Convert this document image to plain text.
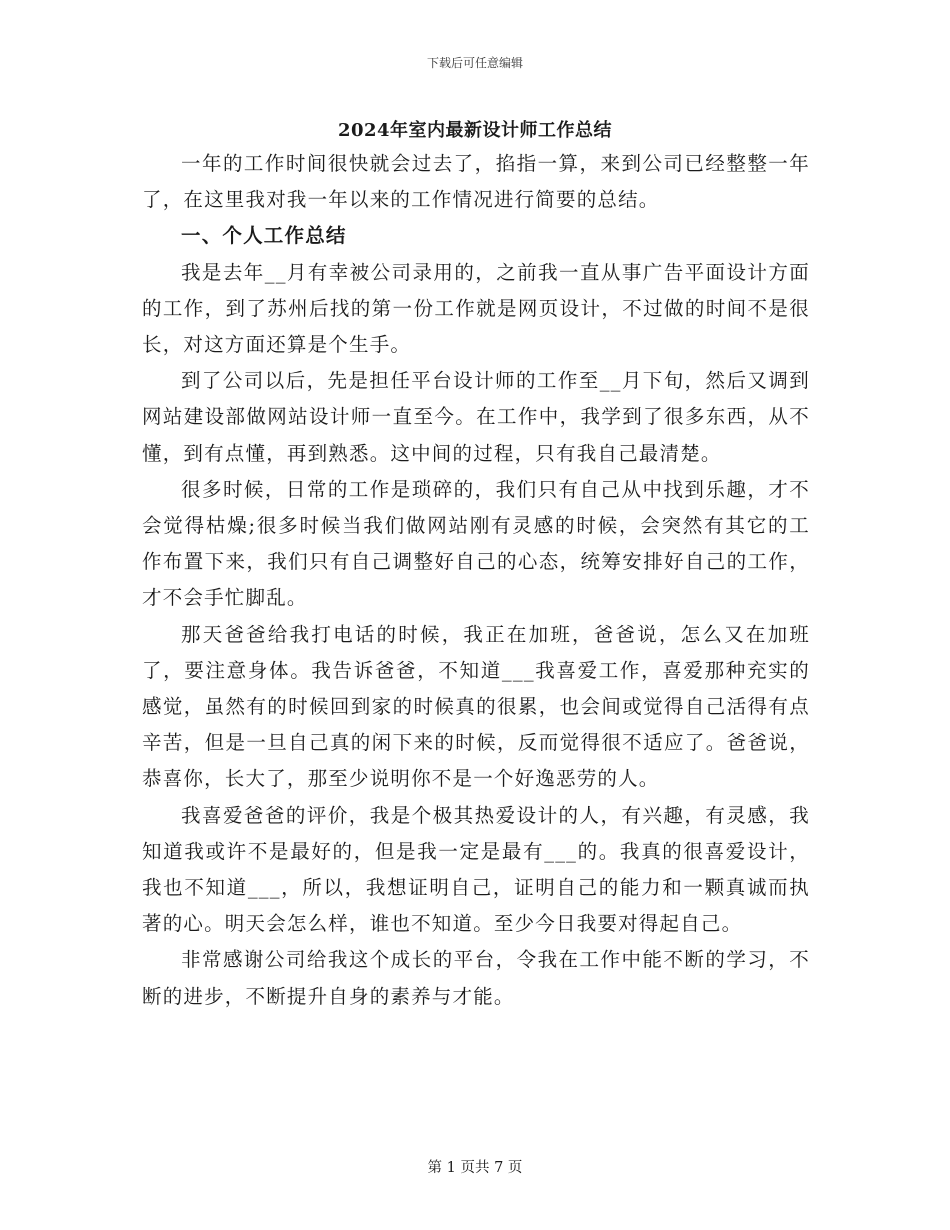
下载后可任意编辑
2024年室内最新设计师工作总结

一年的工作时间很快就会过去了，掐指一算，来到公司已经整整一年了，在这里我对我一年以来的工作情况进行简要的总结。

一、个人工作总结

我是去年__月有幸被公司录用的，之前我一直从事广告平面设计方面的工作，到了苏州后找的第一份工作就是网页设计，不过做的时间不是很长，对这方面还算是个生手。

到了公司以后，先是担任平台设计师的工作至__月下旬，然后又调到网站建设部做网站设计师一直至今。在工作中，我学到了很多东西，从不懂，到有点懂，再到熟悉。这中间的过程，只有我自己最清楚。

很多时候，日常的工作是琐碎的，我们只有自己从中找到乐趣，才不会觉得枯燥;很多时候当我们做网站刚有灵感的时候，会突然有其它的工作布置下来，我们只有自己调整好自己的心态，统筹安排好自己的工作，才不会手忙脚乱。

那天爸爸给我打电话的时候，我正在加班，爸爸说，怎么又在加班了，要注意身体。我告诉爸爸，不知道___我喜爱工作，喜爱那种充实的感觉，虽然有的时候回到家的时候真的很累，也会间或觉得自己活得有点辛苦，但是一旦自己真的闲下来的时候，反而觉得很不适应了。爸爸说，恭喜你，长大了，那至少说明你不是一个好逸恶劳的人。

我喜爱爸爸的评价，我是个极其热爱设计的人，有兴趣，有灵感，我知道我或许不是最好的，但是我一定是最有___的。我真的很喜爱设计，我也不知道___，所以，我想证明自己，证明自己的能力和一颗真诚而执著的心。明天会怎么样，谁也不知道。至少今日我要对得起自己。

非常感谢公司给我这个成长的平台，令我在工作中能不断的学习，不断的进步，不断提升自身的素养与才能。

第 1 页共 7 页
